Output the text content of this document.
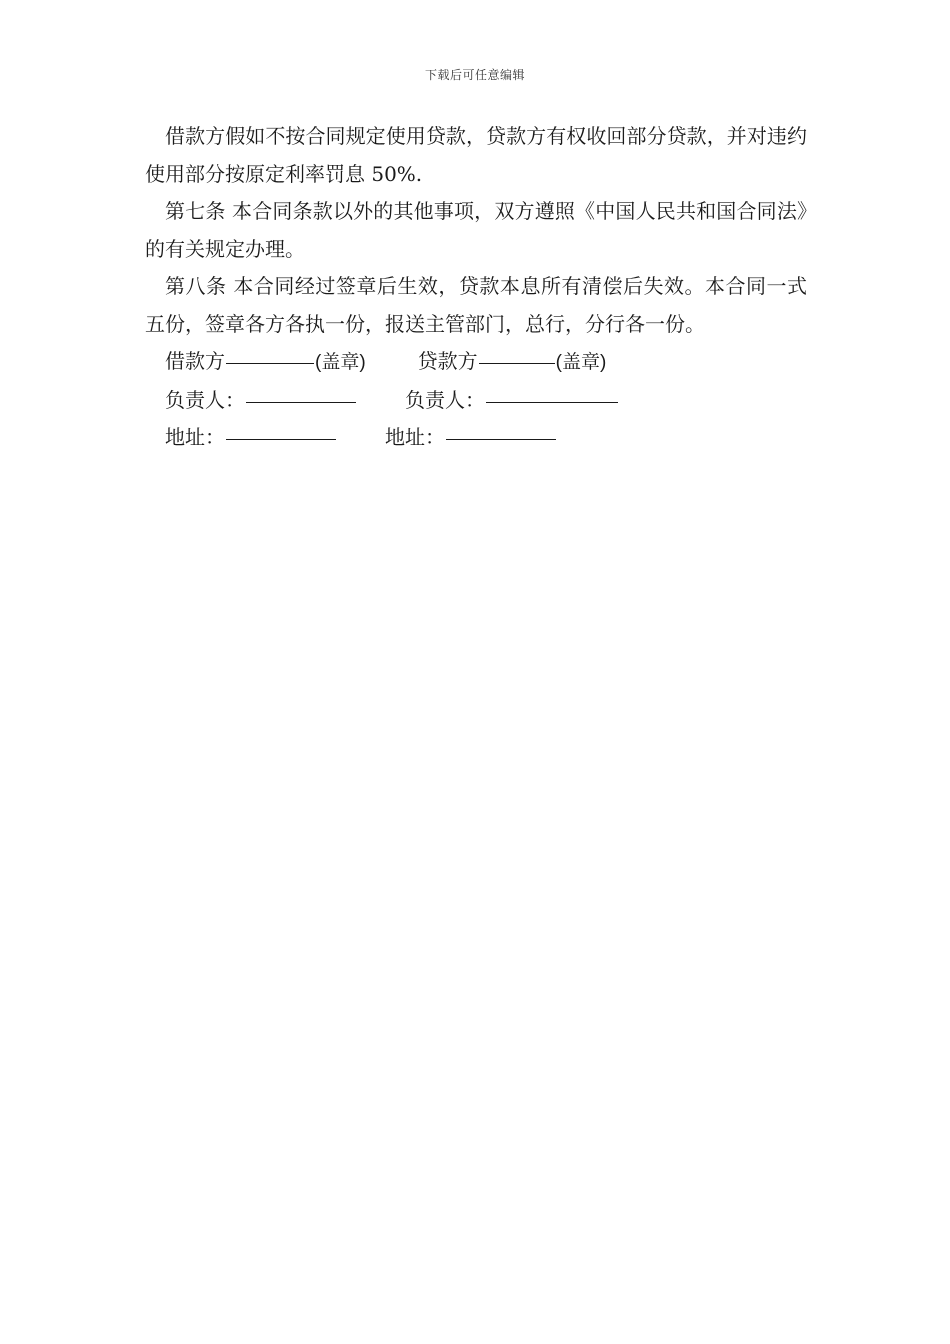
下载后可任意编辑

借款方假如不按合同规定使用贷款，贷款方有权收回部分贷款，并对违约使用部分按原定利率罚息 50%.

第七条 本合同条款以外的其他事项，双方遵照《中国人民共和国合同法》的有关规定办理。

第八条 本合同经过签章后生效，贷款本息所有清偿后失效。本合同一式五份，签章各方各执一份，报送主管部门，总行，分行各一份。

借款方	(盖章)	贷款方	(盖章)
负责人：	负责人：
地址：	地址：
